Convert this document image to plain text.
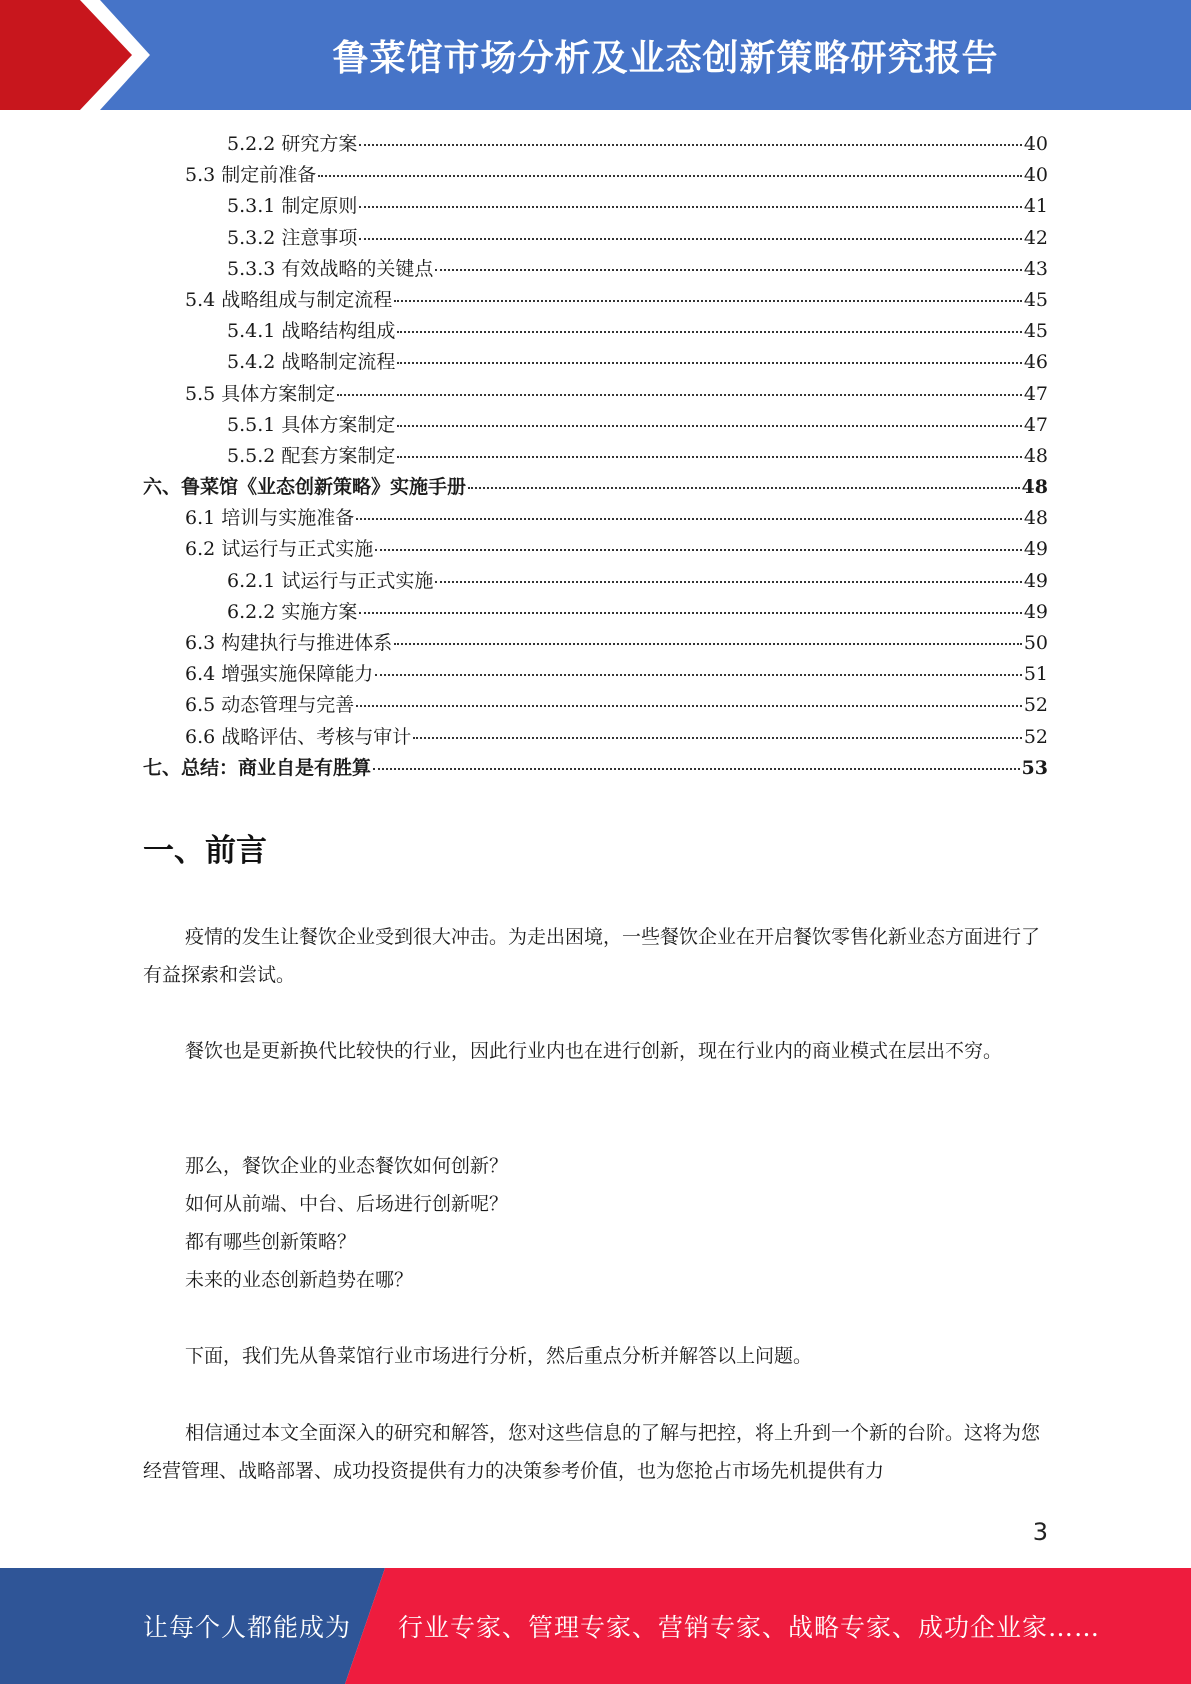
鲁菜馆市场分析及业态创新策略研究报告
5.2.2 研究方案	40
5.3 制定前准备	40
5.3.1 制定原则	41
5.3.2 注意事项	42
5.3.3 有效战略的关键点	43
5.4 战略组成与制定流程	45
5.4.1 战略结构组成	45
5.4.2 战略制定流程	46
5.5 具体方案制定	47
5.5.1 具体方案制定	47
5.5.2 配套方案制定	48
六、鲁菜馆《业态创新策略》实施手册	48
6.1 培训与实施准备	48
6.2 试运行与正式实施	49
6.2.1 试运行与正式实施	49
6.2.2 实施方案	49
6.3 构建执行与推进体系	50
6.4 增强实施保障能力	51
6.5 动态管理与完善	52
6.6 战略评估、考核与审计	52
七、总结：商业自是有胜算	53
一、前言

疫情的发生让餐饮企业受到很大冲击。为走出困境，一些餐饮企业在开启餐饮零售化新业态方面进行了有益探索和尝试。

餐饮也是更新换代比较快的行业，因此行业内也在进行创新，现在行业内的商业模式在层出不穷。

那么，餐饮企业的业态餐饮如何创新？

如何从前端、中台、后场进行创新呢？

都有哪些创新策略？

未来的业态创新趋势在哪？

下面，我们先从鲁菜馆行业市场进行分析，然后重点分析并解答以上问题。

相信通过本文全面深入的研究和解答，您对这些信息的了解与把控，将上升到一个新的台阶。这将为您经营管理、战略部署、成功投资提供有力的决策参考价值，也为您抢占市场先机提供有力

3
让每个人都能成为 行业专家、管理专家、营销专家、战略专家、成功企业家……
